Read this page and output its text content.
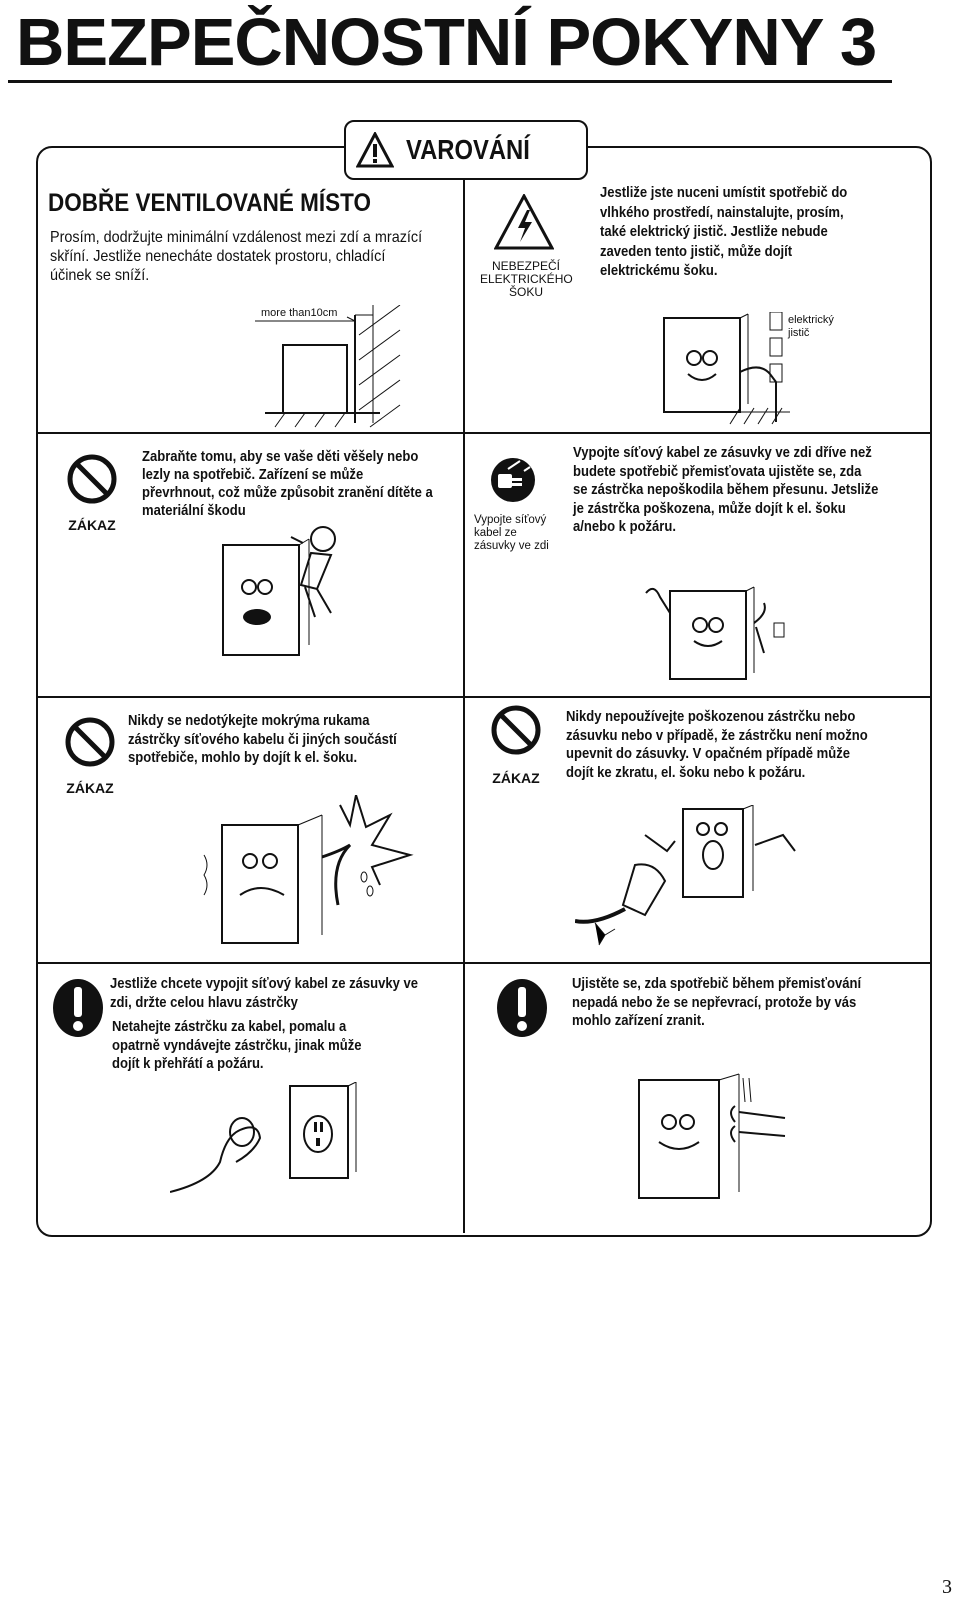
BEZPEČNOSTNÍ POKYNY 3
VAROVÁNÍ
DOBŘE VENTILOVANÉ MÍSTO
Prosím, dodržujte minimální vzdálenost mezi zdí a mrazící skříní. Jestliže nenecháte dostatek prostoru, chladící účinek se sníží.
more than10cm
NEBEZPEČÍ ELEKTRICKÉHO ŠOKU
Jestliže jste nuceni umístit spotřebič do vlhkého prostředí, nainstalujte, prosím, také elektrický jistič. Jestliže nebude zaveden tento jistič, může dojít elektrickému šoku.
elektrický jistič
ZÁKAZ
Zabraňte tomu, aby se vaše děti věšely nebo lezly na spotřebič. Zařízení se může převrhnout, což může způsobit zranění dítěte a materiální škodu
Vypojte síťový kabel ze zásuvky ve zdi
Vypojte síťový kabel ze zásuvky ve zdi dříve než budete spotřebič přemisťovata ujistěte se, zda se zástrčka nepoškodila během přesunu. Jetsliže je zástrčka poškozena, může dojít k el. šoku a/nebo k požáru.
ZÁKAZ
Nikdy se nedotýkejte mokrýma rukama zástrčky síťového kabelu či jiných součástí spotřebiče, mohlo by dojít k el. šoku.
ZÁKAZ
Nikdy nepoužívejte poškozenou zástrčku nebo zásuvku nebo v případě, že zástrčku není možno upevnit do zásuvky. V opačném případě může dojít ke zkratu, el. šoku nebo k požáru.
Jestliže chcete vypojit síťový kabel ze zásuvky ve zdi, držte celou hlavu zástrčky
Netahejte zástrčku za kabel, pomalu a opatrně vyndávejte zástrčku, jinak může dojít k přehřátí a požáru.
Ujistěte se, zda spotřebič během přemisťování nepadá nebo že se nepřevrací, protože by vás mohlo zařízení zranit.
3
